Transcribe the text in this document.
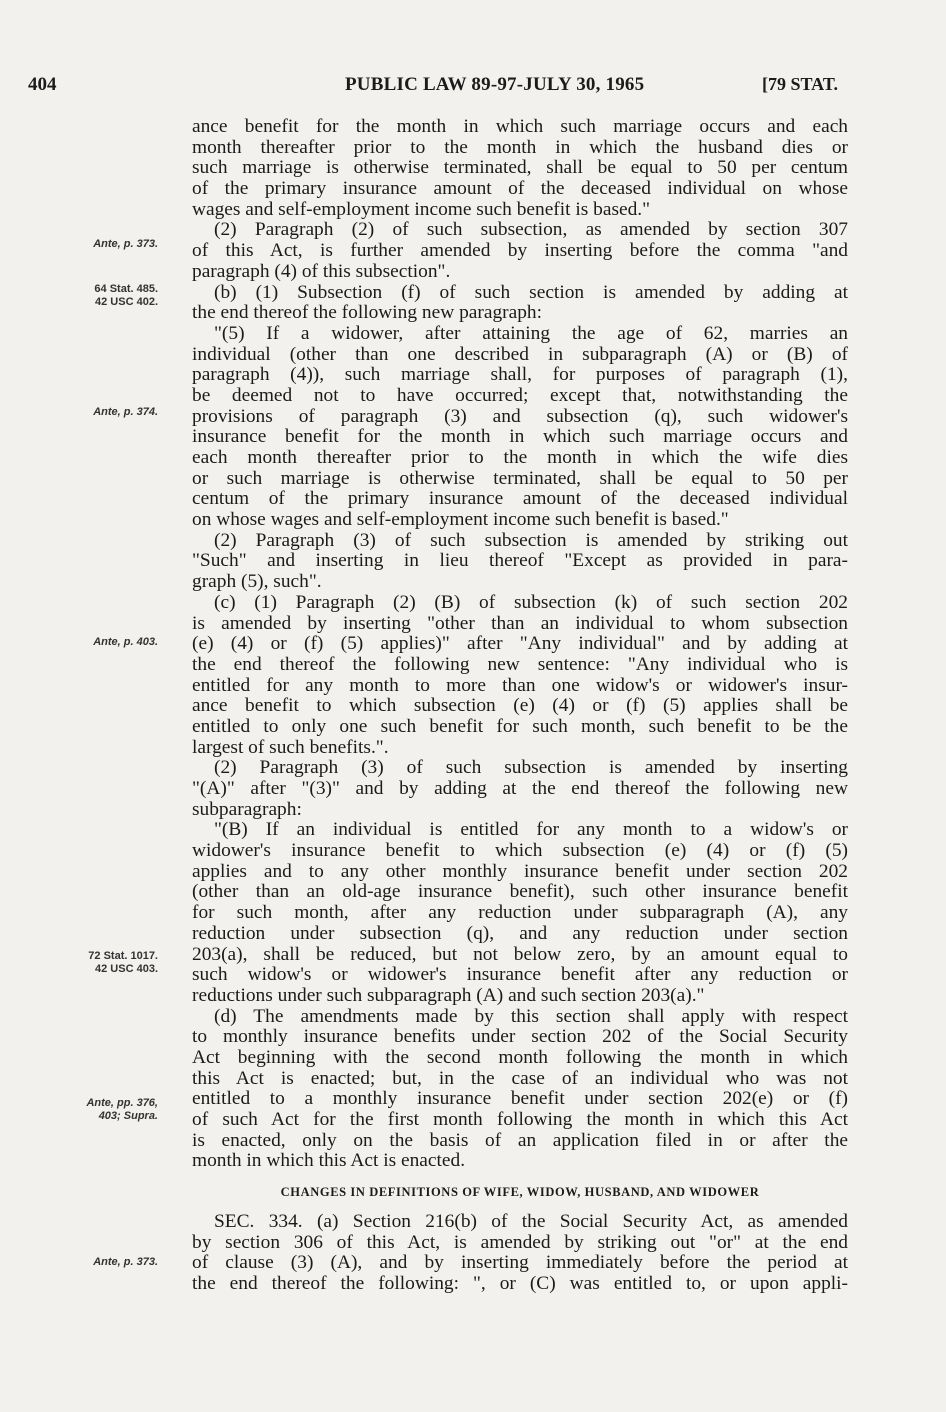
404	PUBLIC LAW 89-97-JULY 30, 1965	[79 STAT.
Ante, p. 373.
64 Stat. 485.
42 USC 402.
Ante, p. 374.
Ante, p. 403.
72 Stat. 1017.
42 USC 403.
Ante, pp. 376,
403; Supra.
Ante, p. 373.
ance benefit for the month in which such marriage occurs and each
month thereafter prior to the month in which the husband dies or
such marriage is otherwise terminated, shall be equal to 50 per centum
of the primary insurance amount of the deceased individual on whose
wages and self-employment income such benefit is based."
(2) Paragraph (2) of such subsection, as amended by section 307
of this Act, is further amended by inserting before the comma "and
paragraph (4) of this subsection".
(b) (1) Subsection (f) of such section is amended by adding at
the end thereof the following new paragraph:
"(5) If a widower, after attaining the age of 62, marries an
individual (other than one described in subparagraph (A) or (B) of
paragraph (4)), such marriage shall, for purposes of paragraph (1),
be deemed not to have occurred; except that, notwithstanding the
provisions of paragraph (3) and subsection (q), such widower's
insurance benefit for the month in which such marriage occurs and
each month thereafter prior to the month in which the wife dies
or such marriage is otherwise terminated, shall be equal to 50 per
centum of the primary insurance amount of the deceased individual
on whose wages and self-employment income such benefit is based."
(2) Paragraph (3) of such subsection is amended by striking out
"Such" and inserting in lieu thereof "Except as provided in para-
graph (5), such".
(c) (1) Paragraph (2) (B) of subsection (k) of such section 202
is amended by inserting "other than an individual to whom subsection
(e) (4) or (f) (5) applies)" after "Any individual" and by adding at
the end thereof the following new sentence: "Any individual who is
entitled for any month to more than one widow's or widower's insur-
ance benefit to which subsection (e) (4) or (f) (5) applies shall be
entitled to only one such benefit for such month, such benefit to be the
largest of such benefits.".
(2) Paragraph (3) of such subsection is amended by inserting
"(A)" after "(3)" and by adding at the end thereof the following new
subparagraph:
"(B) If an individual is entitled for any month to a widow's or
widower's insurance benefit to which subsection (e) (4) or (f) (5)
applies and to any other monthly insurance benefit under section 202
(other than an old-age insurance benefit), such other insurance benefit
for such month, after any reduction under subparagraph (A), any
reduction under subsection (q), and any reduction under section
203(a), shall be reduced, but not below zero, by an amount equal to
such widow's or widower's insurance benefit after any reduction or
reductions under such subparagraph (A) and such section 203(a)."
(d) The amendments made by this section shall apply with respect
to monthly insurance benefits under section 202 of the Social Security
Act beginning with the second month following the month in which
this Act is enacted; but, in the case of an individual who was not
entitled to a monthly insurance benefit under section 202(e) or (f)
of such Act for the first month following the month in which this Act
is enacted, only on the basis of an application filed in or after the
month in which this Act is enacted.
CHANGES IN DEFINITIONS OF WIFE, WIDOW, HUSBAND, AND WIDOWER
SEC. 334. (a) Section 216(b) of the Social Security Act, as amended
by section 306 of this Act, is amended by striking out "or" at the end
of clause (3) (A), and by inserting immediately before the period at
the end thereof the following: ", or (C) was entitled to, or upon appli-
